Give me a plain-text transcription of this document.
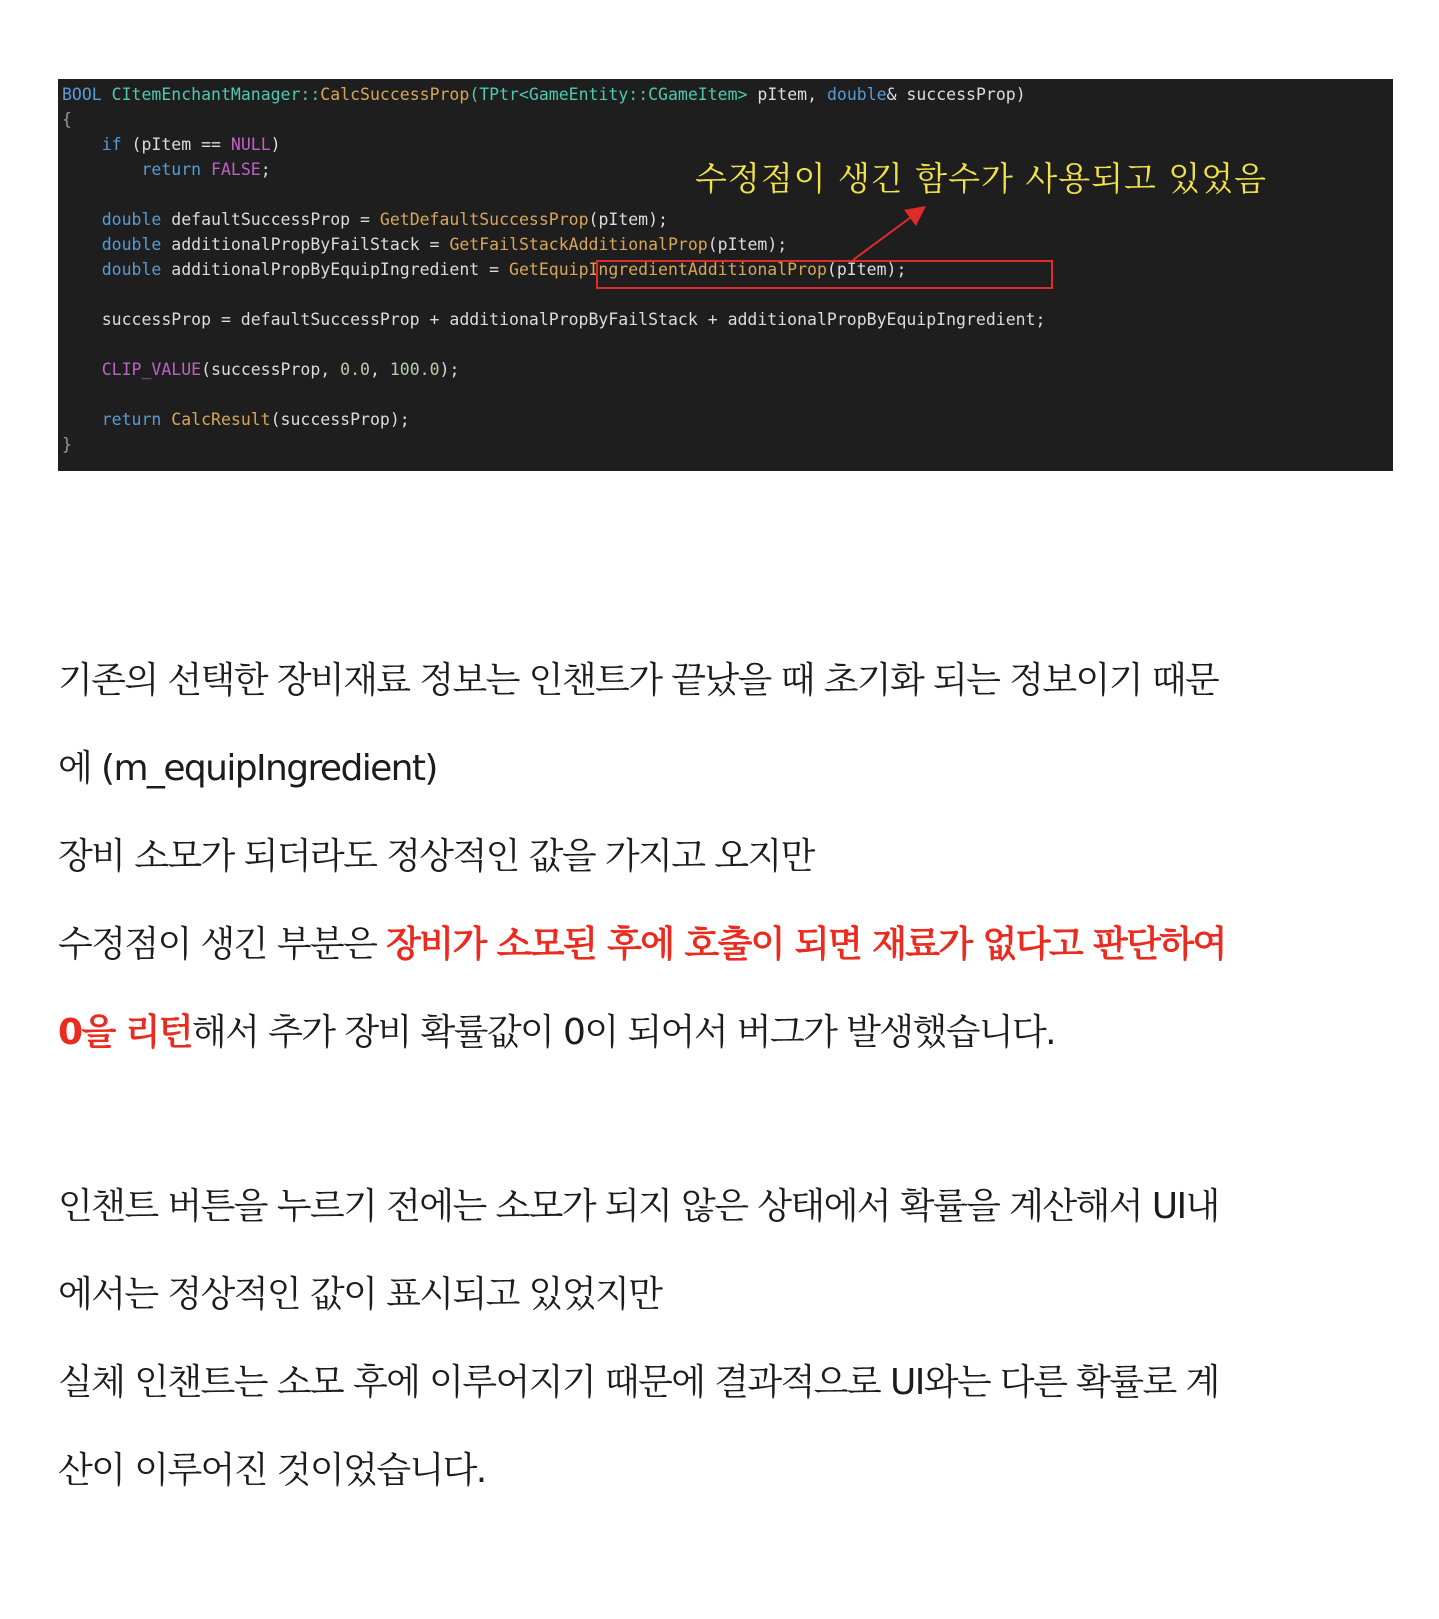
BOOL CItemEnchantManager::CalcSuccessProp(TPtr<GameEntity::CGameItem> pItem, double& successProp)
{
if (pItem == NULL)
return FALSE;
double defaultSuccessProp = GetDefaultSuccessProp(pItem);
double additionalPropByFailStack = GetFailStackAdditionalProp(pItem);
double additionalPropByEquipIngredient = GetEquipIngredientAdditionalProp(pItem);
successProp = defaultSuccessProp + additionalPropByFailStack + additionalPropByEquipIngredient;
CLIP_VALUE(successProp, 0.0, 100.0);
return CalcResult(successProp);
}
수정점이 생긴 함수가 사용되고 있었음
기존의 선택한 장비재료 정보는 인챈트가 끝났을 때 초기화 되는 정보이기 때문
에 (m_equipIngredient)
장비 소모가 되더라도 정상적인 값을 가지고 오지만
수정점이 생긴 부분은 장비가 소모된 후에 호출이 되면 재료가 없다고 판단하여
0을 리턴해서 추가 장비 확률값이 0이 되어서 버그가 발생했습니다.
인챈트 버튼을 누르기 전에는 소모가 되지 않은 상태에서 확률을 계산해서 UI내
에서는 정상적인 값이 표시되고 있었지만
실체 인챈트는 소모 후에 이루어지기 때문에 결과적으로 UI와는 다른 확률로 계
산이 이루어진 것이었습니다.
